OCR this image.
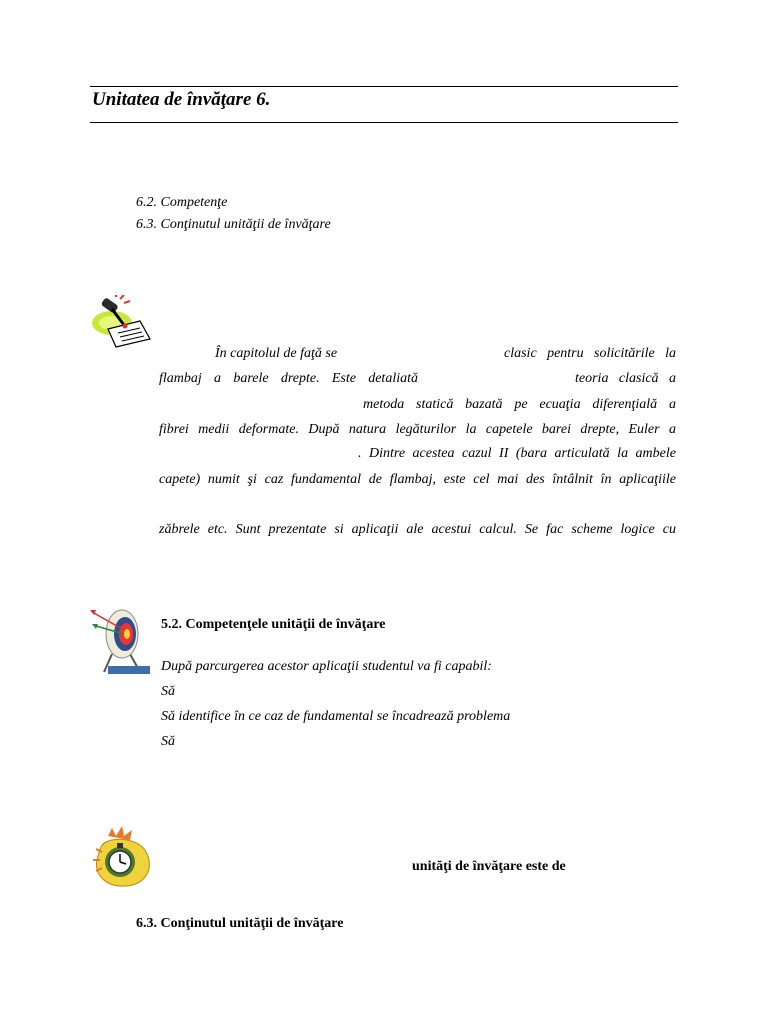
Unitatea de învăţare 6.
6.2. Competenţe
6.3. Conţinutul unităţii de învăţare
În capitolul de faţă se	clasic pentru solicitările la
flambaj a barele drepte. Este detaliată	teoria clasică a
metoda statică bazată pe ecuaţia diferenţială a
fibrei medii deformate. După natura legăturilor la capetele barei drepte, Euler a
. Dintre acestea cazul II (bara articulată la ambele
capete) numit şi caz fundamental de flambaj, este cel mai des întâlnit în aplicaţiile
zăbrele etc. Sunt prezentate si aplicaţii ale acestui calcul. Se fac scheme logice cu
5.2. Competenţele unităţii de învăţare
După parcurgerea acestor aplicaţii studentul va fi capabil:
Să
Să identifice în ce caz de fundamental se încadrează problema
Să
unităţi de învăţare este de
6.3. Conţinutul unităţii de învăţare
